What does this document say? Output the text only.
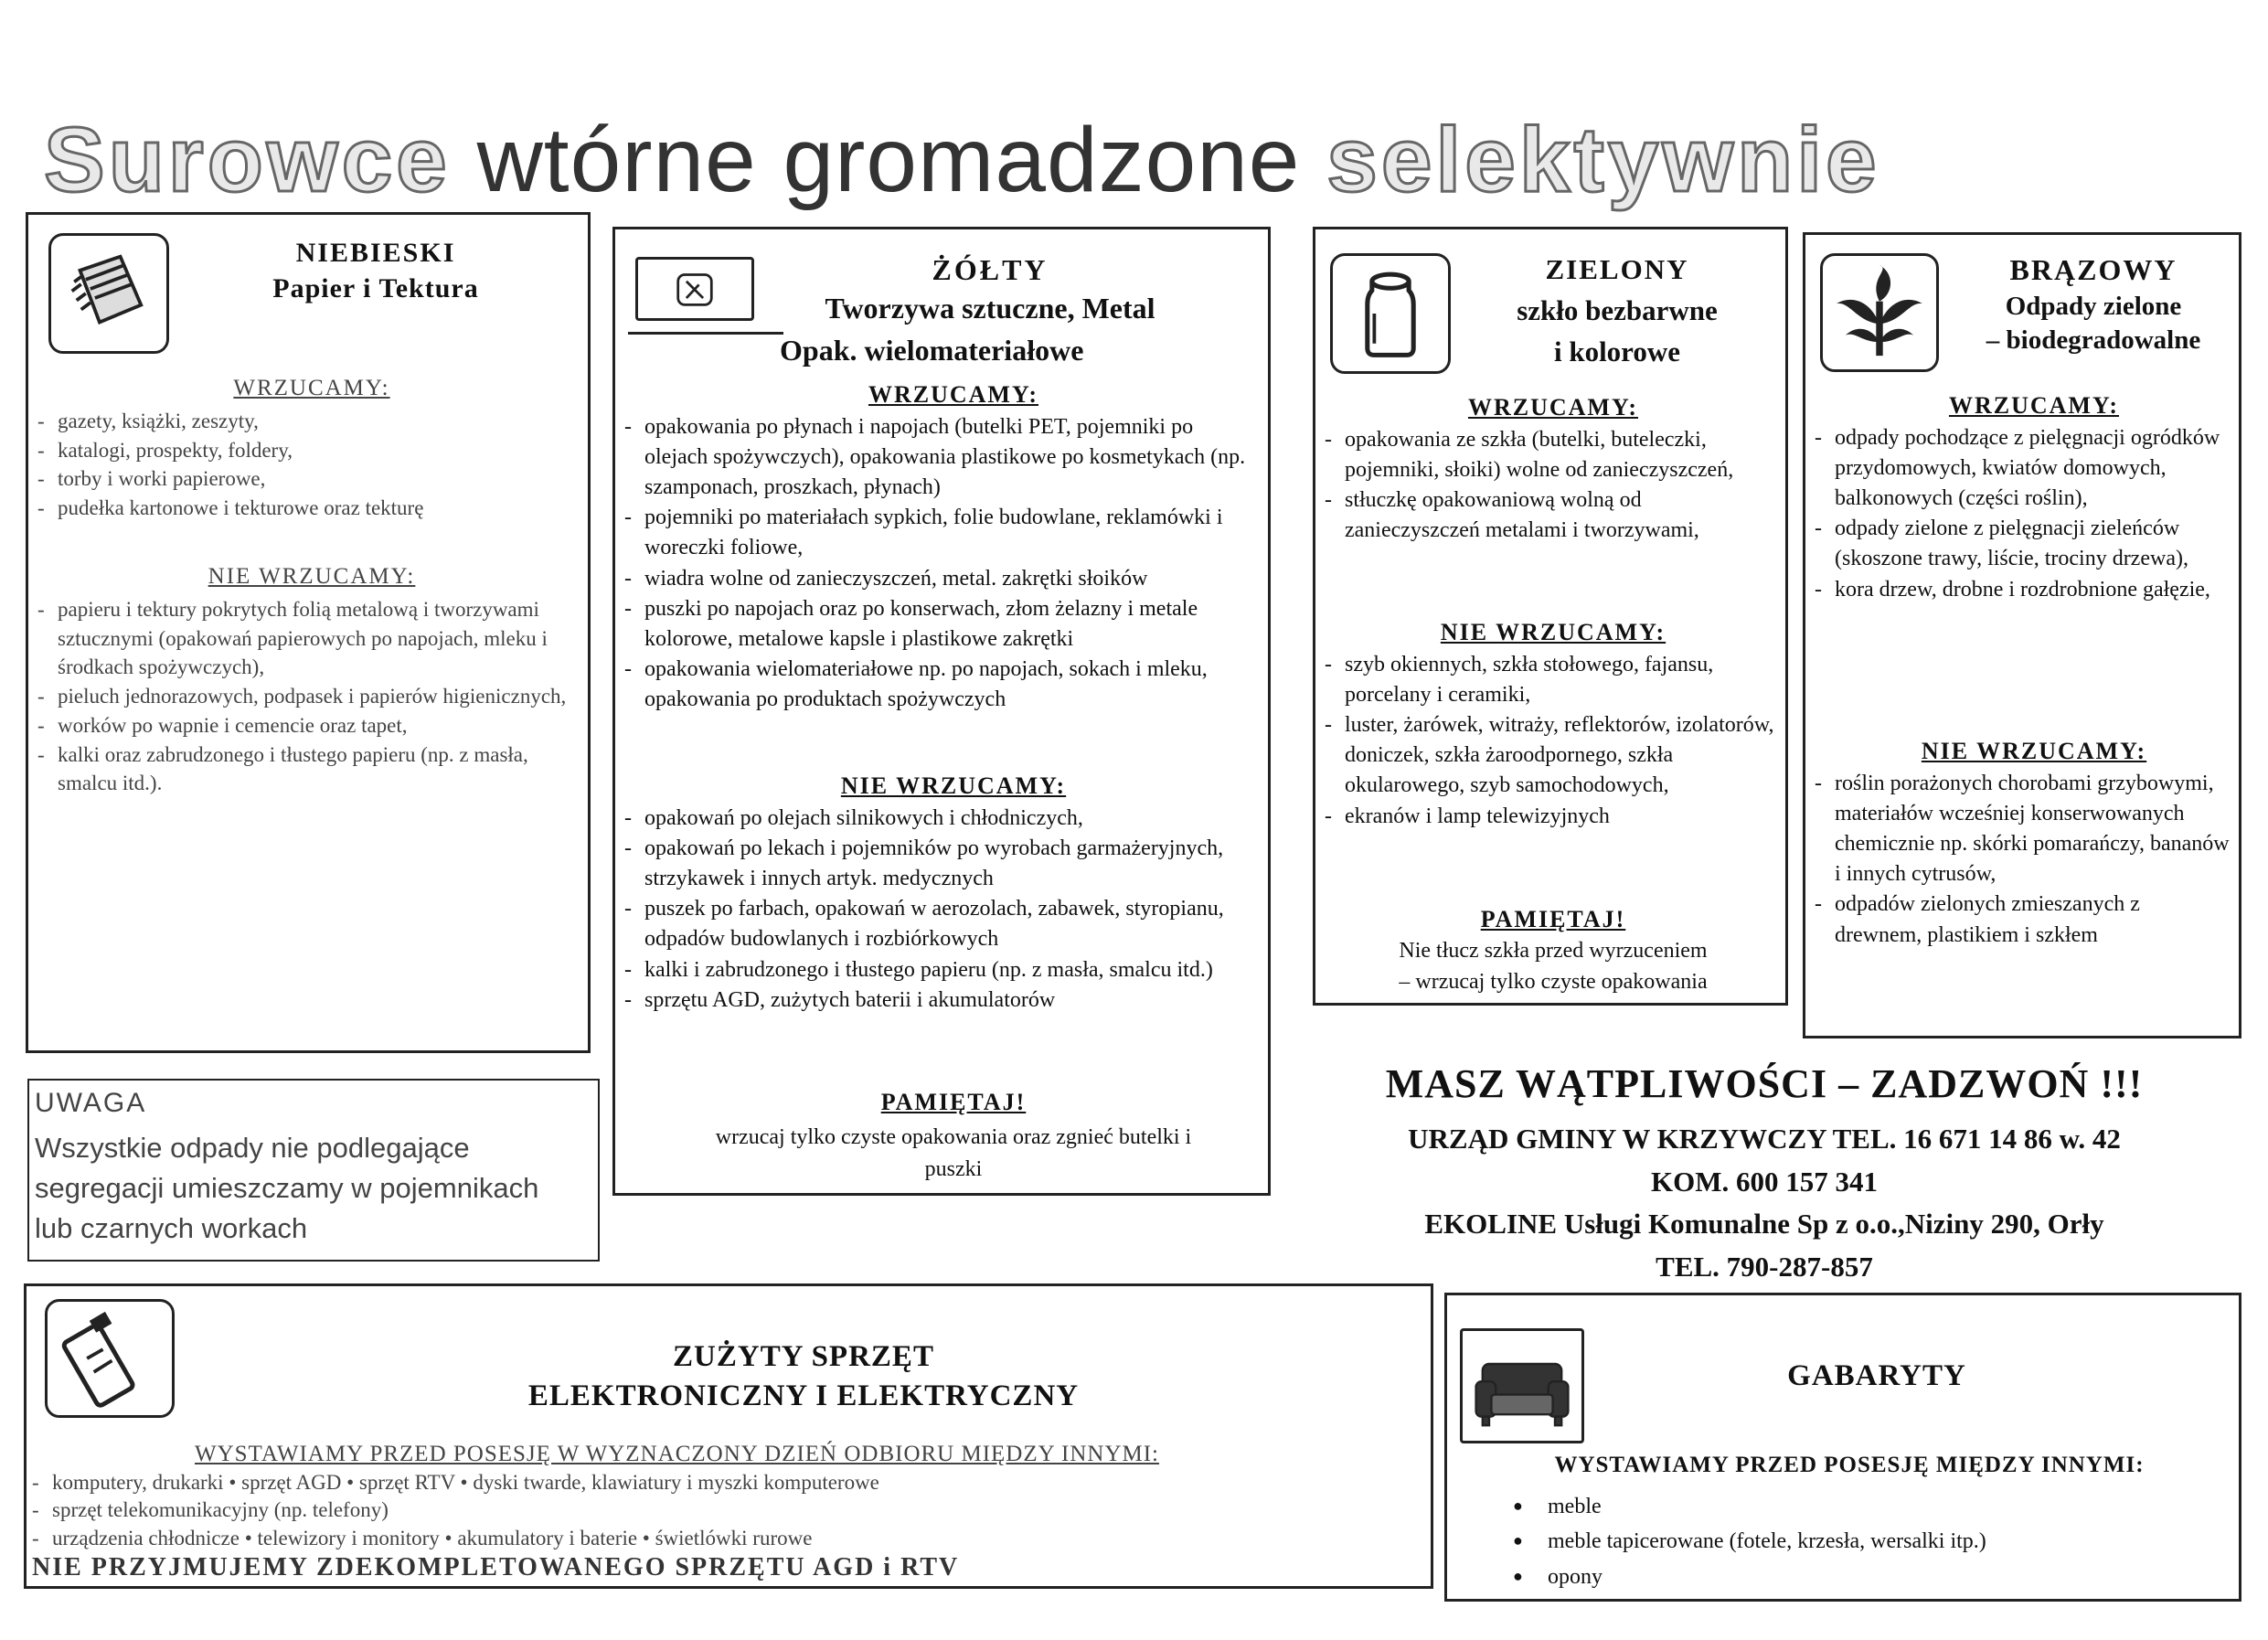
Surowce wtórne gromadzone selektywnie
NIEBIESKI
Papier i Tektura
WRZUCAMY:
- gazety, książki, zeszyty,
- katalogi, prospekty, foldery,
- torby i worki papierowe,
- pudełka kartonowe i tekturowe oraz tekturę
NIE WRZUCAMY:
- papieru i tektury pokrytych folią metalową i tworzywami sztucznymi (opakowań papierowych po napojach, mleku i środkach spożywczych),
- pieluch jednorazowych, podpasek i papierów higienicznych,
- worków po wapnie i cemencie oraz tapet,
- kalki oraz zabrudzonego i tłustego papieru (np. z masła, smalcu itd.).
ŻÓŁTY
Tworzywa sztuczne, Metal
Opak. wielomateriałowe
WRZUCAMY:
- opakowania po płynach i napojach (butelki PET, pojemniki po olejach spożywczych), opakowania plastikowe po kosmetykach (np. szamponach, proszkach, płynach)
- pojemniki po materiałach sypkich, folie budowlane, reklamówki i woreczki foliowe,
- wiadra wolne od zanieczyszczeń, metal. zakrętki słoików
- puszki po napojach oraz po konserwach, złom żelazny i metale kolorowe, metalowe kapsle i plastikowe zakrętki
- opakowania wielomateriałowe np. po napojach, sokach i mleku, opakowania po produktach spożywczych
NIE WRZUCAMY:
- opakowań po olejach silnikowych i chłodniczych,
- opakowań po lekach i pojemników po wyrobach garmażeryjnych, strzykawek i innych artyk. medycznych
- puszek po farbach, opakowań w aerozolach, zabawek, styropianu, odpadów budowlanych i rozbiórkowych
- kalki i zabrudzonego i tłustego papieru (np. z masła, smalcu itd.)
- sprzętu AGD, zużytych baterii i akumulatorów
PAMIĘTAJ!
wrzucaj tylko czyste opakowania oraz zgnieć butelki i puszki
ZIELONY
szkło bezbarwne
i kolorowe
WRZUCAMY:
- opakowania ze szkła (butelki, buteleczki, pojemniki, słoiki) wolne od zanieczyszczeń,
- stłuczkę opakowaniową wolną od zanieczyszczeń metalami i tworzywami,
NIE WRZUCAMY:
- szyb okiennych, szkła stołowego, fajansu, porcelany i ceramiki,
- luster, żarówek, witraży, reflektorów, izolatorów, doniczek, szkła żaroodpornego, szkła okularowego, szyb samochodowych,
- ekranów i lamp telewizyjnych
PAMIĘTAJ!
Nie tłucz szkła przed wyrzuceniem
– wrzucaj tylko czyste opakowania
BRĄZOWY
Odpady zielone
– biodegradowalne
WRZUCAMY:
- odpady pochodzące z pielęgnacji ogródków przydomowych, kwiatów domowych, balkonowych (części roślin),
- odpady zielone z pielęgnacji zieleńców (skoszone trawy, liście, trociny drzewa),
- kora drzew, drobne i rozdrobnione gałęzie,
NIE WRZUCAMY:
- roślin porażonych chorobami grzybowymi, materiałów wcześniej konserwowanych chemicznie np. skórki pomarańczy, bananów i innych cytrusów,
- odpadów zielonych zmieszanych z drewnem, plastikiem i szkłem
UWAGA
Wszystkie odpady nie podlegające segregacji umieszczamy w pojemnikach lub czarnych workach
MASZ WĄTPLIWOŚCI – ZADZWOŃ !!!
URZĄD GMINY W KRZYWCZY TEL. 16 671 14 86 w. 42
KOM. 600 157 341
EKOLINE Usługi Komunalne Sp z o.o.,Niziny 290, Orły
TEL. 790-287-857
ZUŻYTY SPRZĘT
ELEKTRONICZNY I ELEKTRYCZNY
WYSTAWIAMY PRZED POSESJĘ W WYZNACZONY DZIEŃ ODBIORU MIĘDZY INNYMI:
- komputery, drukarki • sprzęt AGD • sprzęt RTV • dyski twarde, klawiatury i myszki komputerowe
- sprzęt telekomunikacyjny (np. telefony)
- urządzenia chłodnicze • telewizory i monitory • akumulatory i baterie • świetlówki rurowe
NIE PRZYJMUJEMY ZDEKOMPLETOWANEGO SPRZĘTU AGD i RTV
GABARYTY
WYSTAWIAMY PRZED POSESJĘ MIĘDZY INNYMI:
● meble
● meble tapicerowane (fotele, krzesła, wersalki itp.)
● opony
